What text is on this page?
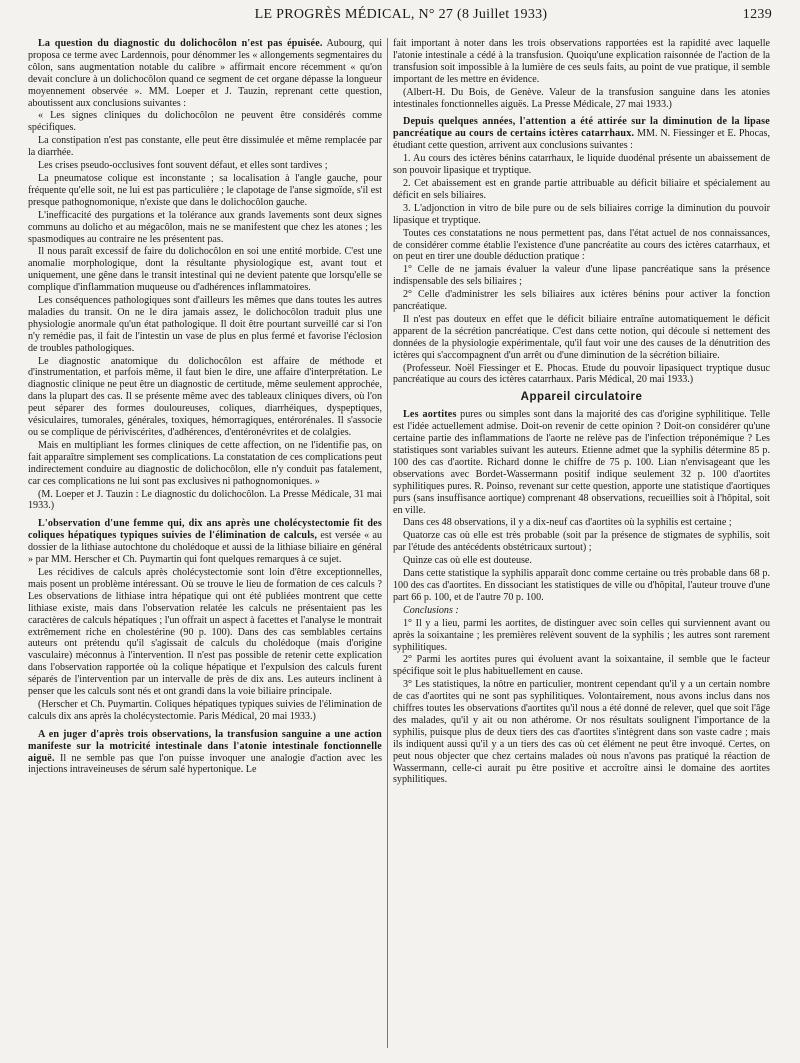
LE PROGRÈS MÉDICAL, N° 27 (8 Juillet 1933)	1239

La question du diagnostic du dolichocôlon n'est pas épuisée. Aubourg, qui proposa ce terme avec Lardennois, pour dénommer les « allongements segmentaires du côlon, sans augmentation notable du calibre » affirmait encore récemment « qu'on devait conclure à un dolichocôlon quand ce segment de cet organe dépasse la longueur moyennement observée ». MM. Loeper et J. Tauzin, reprenant cette question, aboutissent aux conclusions suivantes :

« Les signes cliniques du dolichocôlon ne peuvent être considérés comme spécifiques.

La constipation n'est pas constante, elle peut être dissimulée et même remplacée par la diarrhée.

Les crises pseudo-occlusives font souvent défaut, et elles sont tardives ;

La pneumatose colique est inconstante ; sa localisation à l'angle gauche, pour fréquente qu'elle soit, ne lui est pas particulière ; le clapotage de l'anse sigmoïde, s'il est presque pathognomonique, n'existe que dans le dolichocôlon gauche.

L'inefficacité des purgations et la tolérance aux grands lavements sont deux signes communs au dolicho et au mégacôlon, mais ne se manifestent que chez les atones ; les spasmodiques au contraire ne les présentent pas.

Il nous paraît excessif de faire du dolichocôlon en soi une entité morbide. C'est une anomalie morphologique, dont la résultante physiologique est, avant tout et uniquement, une gêne dans le transit intestinal qui ne devient patente que lorsqu'elle se complique d'inflammation muqueuse ou d'adhérences inflammatoires.

Les conséquences pathologiques sont d'ailleurs les mêmes que dans toutes les autres maladies du transit. On ne le dira jamais assez, le dolichocôlon traduit plus une physiologie anormale qu'un état pathologique. Il doit être pourtant surveillé car si l'on n'y remédie pas, il fait de l'intestin un vase de plus en plus fermé et favorise l'éclosion de troubles pathologiques.

Le diagnostic anatomique du dolichocôlon est affaire de méthode et d'instrumentation, et parfois même, il faut bien le dire, une affaire d'interprétation. Le diagnostic clinique ne peut être un diagnostic de certitude, même seulement approchée, dans la plupart des cas. Il se présente même avec des tableaux cliniques divers, où l'on peut séparer des formes douloureuses, coliques, diarrhéiques, dyspeptiques, vésiculaires, tumorales, générales, toxiques, hémorragiques, entérorénales. Il s'associe ou se complique de périviscérites, d'adhérences, d'entéronévrites et de colalgies.

Mais en multipliant les formes cliniques de cette affection, on ne l'identifie pas, on fait apparaître simplement ses complications. La constatation de ces complications peut indirectement conduire au diagnostic de dolichocôlon, elle n'y conduit pas fatalement, car ces complications ne lui sont pas exclusives ni pathognomoniques. »

(M. Loeper et J. Tauzin : Le diagnostic du dolichocôlon. La Presse Médicale, 31 mai 1933.)

L'observation d'une femme qui, dix ans après une cholécystectomie fit des coliques hépatiques typiques suivies de l'élimination de calculs, est versée « au dossier de la lithiase autochtone du cholédoque et aussi de la lithiase biliaire en général » par MM. Herscher et Ch. Puymartin qui font quelques remarques à ce sujet.

Les récidives de calculs après cholécystectomie sont loin d'être exceptionnelles, mais posent un problème intéressant. Où se trouve le lieu de formation de ces calculs ? Les observations de lithiase intra hépatique qui ont été publiées montrent que cette lithiase existe, mais dans l'observation relatée les calculs ne présentaient pas les caractères de calculs hépatiques ; l'un offrait un aspect à facettes et l'analyse le montrait extrêmement riche en cholestérine (90 p. 100). Dans des cas semblables certains auteurs ont prétendu qu'il s'agissait de calculs du cholédoque (mais d'origine vasculaire) méconnus à l'intervention. Il n'est pas possible de retenir cette explication dans l'observation rapportée où la colique hépatique et l'expulsion des calculs furent séparés de l'intervention par un intervalle de près de dix ans. Les auteurs inclinent à penser que les calculs sont nés et ont grandi dans la voie biliaire principale.

(Herscher et Ch. Puymartin. Coliques hépatiques typiques suivies de l'élimination de calculs dix ans après la cholécystectomie. Paris Médical, 20 mai 1933.)

A en juger d'après trois observations, la transfusion sanguine a une action manifeste sur la motricité intestinale dans l'atonie intestinale fonctionnelle aiguë. Il ne semble pas que l'on puisse invoquer une analogie d'action avec les injections intraveineuses de sérum salé hypertonique. Le

fait important à noter dans les trois observations rapportées est la rapidité avec laquelle l'atonie intestinale a cédé à la transfusion. Quoiqu'une explication raisonnée de l'action de la transfusion soit impossible à la lumière de ces seuls faits, au point de vue pratique, il semble important de les mettre en évidence.

(Albert-H. Du Bois, de Genève. Valeur de la transfusion sanguine dans les atonies intestinales fonctionnelles aiguës. La Presse Médicale, 27 mai 1933.)

Depuis quelques années, l'attention a été attirée sur la diminution de la lipase pancréatique au cours de certains ictères catarrhaux. MM. N. Fiessinger et E. Phocas, étudiant cette question, arrivent aux conclusions suivantes :

1. Au cours des ictères bénins catarrhaux, le liquide duodénal présente un abaissement de son pouvoir lipasique et tryptique.

2. Cet abaissement est en grande partie attribuable au déficit biliaire et spécialement au déficit en sels biliaires.

3. L'adjonction in vitro de bile pure ou de sels biliaires corrige la diminution du pouvoir lipasique et tryptique.

Toutes ces constatations ne nous permettent pas, dans l'état actuel de nos connaissances, de considérer comme établie l'existence d'une pancréatite au cours des ictères catarrhaux, et on peut en tirer une double déduction pratique :

1° Celle de ne jamais évaluer la valeur d'une lipase pancréatique sans la présence indispensable des sels biliaires ;

2° Celle d'administrer les sels biliaires aux ictères bénins pour activer la fonction pancréatique.

Il n'est pas douteux en effet que le déficit biliaire entraîne automatiquement le déficit apparent de la sécrétion pancréatique. C'est dans cette notion, qui découle si nettement des données de la physiologie expérimentale, qu'il faut voir une des causes de la dénutrition des ictères qui s'accompagnent d'un arrêt ou d'une diminution de la sécrétion biliaire.

(Professeur. Noël Fiessinger et E. Phocas. Etude du pouvoir lipasiquect tryptique dusuc pancréatique au cours des ictères catarrhaux. Paris Médical, 20 mai 1933.)

Appareil circulatoire

Les aortites pures ou simples sont dans la majorité des cas d'origine syphilitique. Telle est l'idée actuellement admise. Doit-on revenir de cette opinion ? Doit-on considérer qu'une certaine partie des inflammations de l'aorte ne relève pas de l'infection tréponémique ? Les statistiques sont variables suivant les auteurs. Etienne admet que la syphilis détermine 85 p. 100 des cas d'aortite. Richard donne le chiffre de 75 p. 100. Lian n'envisageant que les observations avec Bordet-Wassermann positif indique seulement 32 p. 100 d'aortites syphilitiques pures. R. Poinso, revenant sur cette question, apporte une statistique d'aortiques purs (sans insuffisance aortique) comprenant 48 observations, recueillies soit à l'hôpital, soit en ville.

Dans ces 48 observations, il y a dix-neuf cas d'aortites où la syphilis est certaine ;

Quatorze cas où elle est très probable (soit par la présence de stigmates de syphilis, soit par l'étude des antécédents obstétricaux surtout) ;

Quinze cas où elle est douteuse.

Dans cette statistique la syphilis apparaît donc comme certaine ou très probable dans 68 p. 100 des cas d'aortites. En dissociant les statistiques de ville ou d'hôpital, l'auteur trouve d'une part 66 p. 100, et de l'autre 70 p. 100.

Conclusions :

1° Il y a lieu, parmi les aortites, de distinguer avec soin celles qui surviennent avant ou après la soixantaine ; les premières relèvent souvent de la syphilis ; les autres sont rarement syphilitiques.

2° Parmi les aortites pures qui évoluent avant la soixantaine, il semble que le facteur spécifique soit le plus habituellement en cause.

3° Les statistiques, la nôtre en particulier, montrent cependant qu'il y a un certain nombre de cas d'aortites qui ne sont pas syphilitiques. Volontairement, nous avons inclus dans nos chiffres toutes les observations d'aortites qu'il nous a été donné de relever, quel que soit l'âge des malades, qu'il y ait ou non athérome. Or nos résultats soulignent l'importance de la syphilis, puisque plus de deux tiers des cas d'aortites s'intègrent dans son vaste cadre ; mais ils indiquent aussi qu'il y a un tiers des cas où cet élément ne peut être invoqué. Certes, on peut nous objecter que chez certains malades où nous n'avons pas pratiqué la réaction de Wassermann, celle-ci aurait pu être positive et accroître ainsi le domaine des aortites syphilitiques.
